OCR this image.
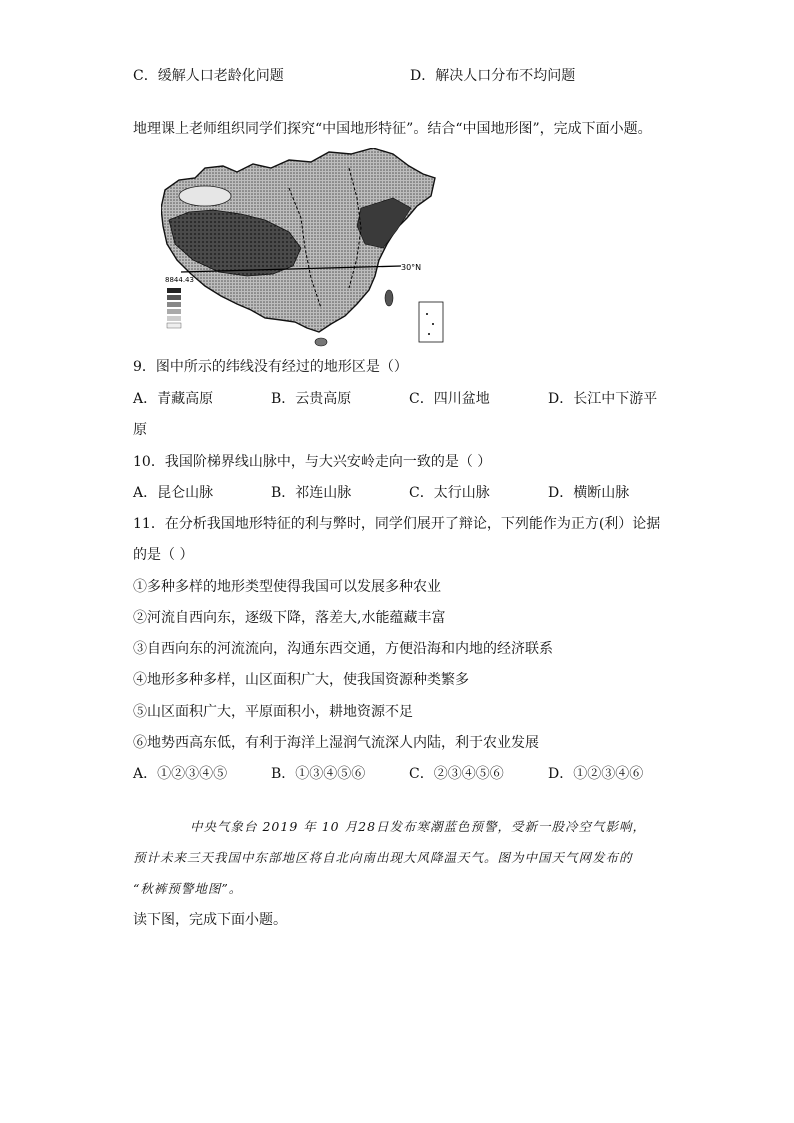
C．缓解人口老龄化问题	D．解决人口分布不均问题
地理课上老师组织同学们探究“中国地形特征”。结合“中国地形图”，完成下面小题。
30°N
8844.43
9．图中所示的纬线没有经过的地形区是（）
A．青藏高原	B．云贵高原	C．四川盆地	D．长江中下游平
原
10．我国阶梯界线山脉中，与大兴安岭走向一致的是（ ）
A．昆仑山脉	B．祁连山脉	C．太行山脉	D．横断山脉
11．在分析我国地形特征的利与弊时，同学们展开了辩论，下列能作为正方(利）论据
的是（ ）
①多种多样的地形类型使得我国可以发展多种农业
②河流自西向东，逐级下降，落差大,水能蕴藏丰富
③自西向东的河流流向，沟通东西交通，方便沿海和内地的经济联系
④地形多种多样，山区面积广大，使我国资源种类繁多
⑤山区面积广大，平原面积小，耕地资源不足
⑥地势西高东低，有利于海洋上湿润气流深人内陆，利于农业发展
A．①②③④⑤	B．①③④⑤⑥	C．②③④⑤⑥	D．①②③④⑥
中央气象台 2019 年 10 月28日发布寒潮蓝色预警，受新一股冷空气影响，
预计未来三天我国中东部地区将自北向南出现大风降温天气。图为中国天气网发布的
“秋裤预警地图”。
读下图，完成下面小题。
